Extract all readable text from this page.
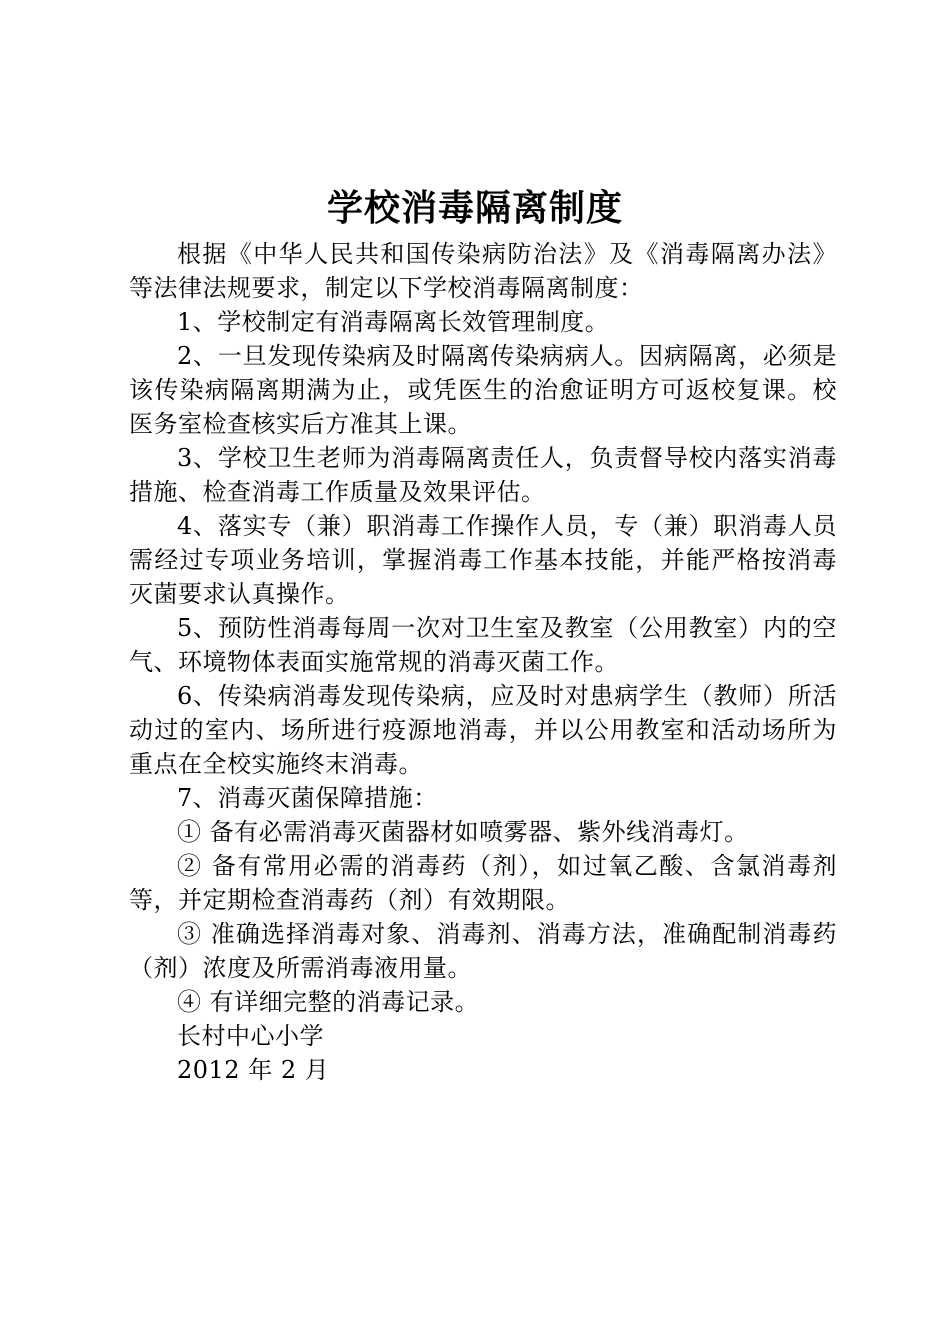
学校消毒隔离制度

根据《中华人民共和国传染病防治法》及《消毒隔离办法》等法律法规要求，制定以下学校消毒隔离制度：

1、学校制定有消毒隔离长效管理制度。

2、一旦发现传染病及时隔离传染病病人。因病隔离，必须是该传染病隔离期满为止，或凭医生的治愈证明方可返校复课。校医务室检查核实后方准其上课。

3、学校卫生老师为消毒隔离责任人，负责督导校内落实消毒措施、检查消毒工作质量及效果评估。

4、落实专（兼）职消毒工作操作人员，专（兼）职消毒人员需经过专项业务培训，掌握消毒工作基本技能，并能严格按消毒灭菌要求认真操作。

5、预防性消毒每周一次对卫生室及教室（公用教室）内的空气、环境物体表面实施常规的消毒灭菌工作。

6、传染病消毒发现传染病，应及时对患病学生（教师）所活动过的室内、场所进行疫源地消毒，并以公用教室和活动场所为重点在全校实施终末消毒。

7、消毒灭菌保障措施：

① 备有必需消毒灭菌器材如喷雾器、紫外线消毒灯。

② 备有常用必需的消毒药（剂），如过氧乙酸、含氯消毒剂等，并定期检查消毒药（剂）有效期限。

③ 准确选择消毒对象、消毒剂、消毒方法，准确配制消毒药（剂）浓度及所需消毒液用量。

④ 有详细完整的消毒记录。

长村中心小学

2012 年 2 月
